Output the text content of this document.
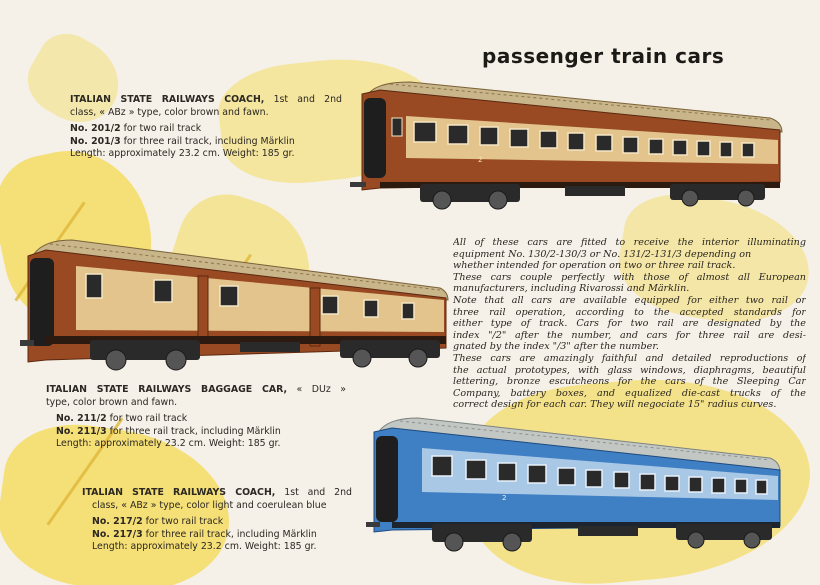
passenger train cars
2
ITALIAN STATE RAILWAYS COACH, 1st and 2nd
class, « ABz » type, color brown and fawn.
No. 201/2 for two rail track
No. 201/3 for three rail track, including Märklin
Length: approximately 23.2 cm. Weight: 185 gr.
ITALIAN STATE RAILWAYS BAGGAGE CAR, « DUz »
type, color brown and fawn.
No. 211/2 for two rail track
No. 211/3 for three rail track, including Märklin
Length: approximately 23.2 cm. Weight: 185 gr.
2
ITALIAN STATE RAILWAYS COACH, 1st and 2nd
class, « ABz » type, color light and coerulean blue
No. 217/2 for two rail track
No. 217/3 for three rail track, including Märklin
Length: approximately 23.2 cm. Weight: 185 gr.
All of these cars are fitted to receive the interior illuminating
equipment No. 130/2-130/3 or No. 131/2-131/3 depending on
whether intended for operation on two or three rail track.
These cars couple perfectly with those of almost all European
manufacturers, including Rivarossi and Märklin.
Note that all cars are available equipped for either two rail or
three rail operation, according to the accepted standards for
either type of track. Cars for two rail are designated by the
index "/2" after the number, and cars for three rail are desi-
gnated by the index "/3" after the number.
These cars are amazingly faithful and detailed reproductions of
the actual prototypes, with glass windows, diaphragms, beautiful
lettering, bronze escutcheons for the cars of the Sleeping Car
Company, battery boxes, and equalized die-cast trucks of the
correct design for each car. They will negociate 15" radius curves.
